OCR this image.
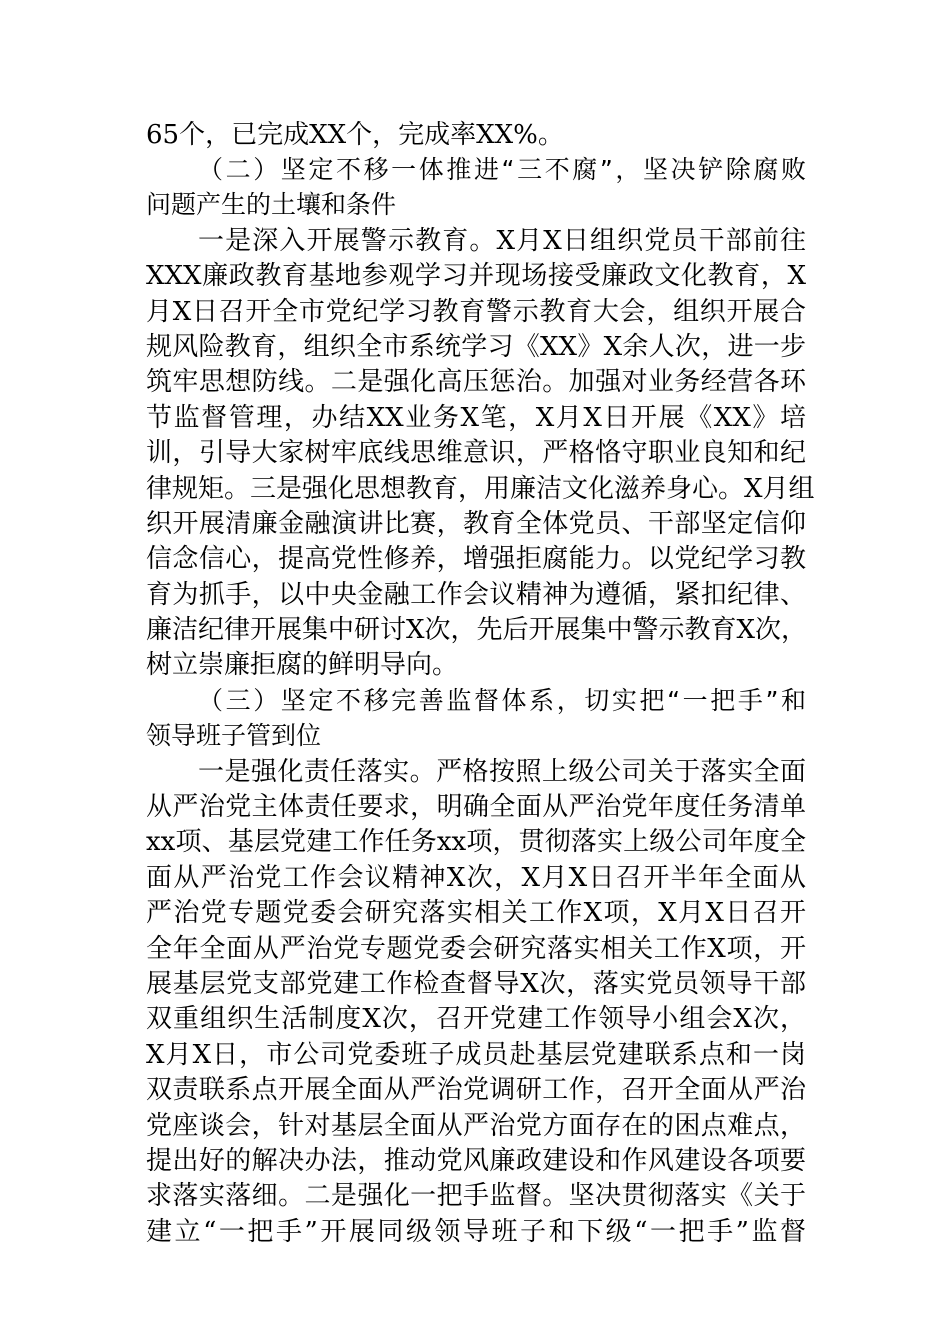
65个，已完成XX个，完成率XX%。
（二）坚定不移一体推进“三不腐”，坚决铲除腐败
问题产生的土壤和条件
一是深入开展警示教育。X月X日组织党员干部前往
XXX廉政教育基地参观学习并现场接受廉政文化教育，X
月X日召开全市党纪学习教育警示教育大会，组织开展合
规风险教育，组织全市系统学习《XX》X余人次，进一步
筑牢思想防线。二是强化高压惩治。加强对业务经营各环
节监督管理，办结XX业务X笔，X月X日开展《XX》培
训，引导大家树牢底线思维意识，严格恪守职业良知和纪
律规矩。三是强化思想教育，用廉洁文化滋养身心。X月组
织开展清廉金融演讲比赛，教育全体党员、干部坚定信仰
信念信心，提高党性修养，增强拒腐能力。以党纪学习教
育为抓手，以中央金融工作会议精神为遵循，紧扣纪律、
廉洁纪律开展集中研讨X次，先后开展集中警示教育X次，
树立崇廉拒腐的鲜明导向。
（三）坚定不移完善监督体系，切实把“一把手”和
领导班子管到位
一是强化责任落实。严格按照上级公司关于落实全面
从严治党主体责任要求，明确全面从严治党年度任务清单
xx项、基层党建工作任务xx项，贯彻落实上级公司年度全
面从严治党工作会议精神X次，X月X日召开半年全面从
严治党专题党委会研究落实相关工作X项，X月X日召开
全年全面从严治党专题党委会研究落实相关工作X项，开
展基层党支部党建工作检查督导X次，落实党员领导干部
双重组织生活制度X次，召开党建工作领导小组会X次，
X月X日，市公司党委班子成员赴基层党建联系点和一岗
双责联系点开展全面从严治党调研工作，召开全面从严治
党座谈会，针对基层全面从严治党方面存在的困点难点，
提出好的解决办法，推动党风廉政建设和作风建设各项要
求落实落细。二是强化一把手监督。坚决贯彻落实《关于
建立“一把手”开展同级领导班子和下级“一把手”监督
